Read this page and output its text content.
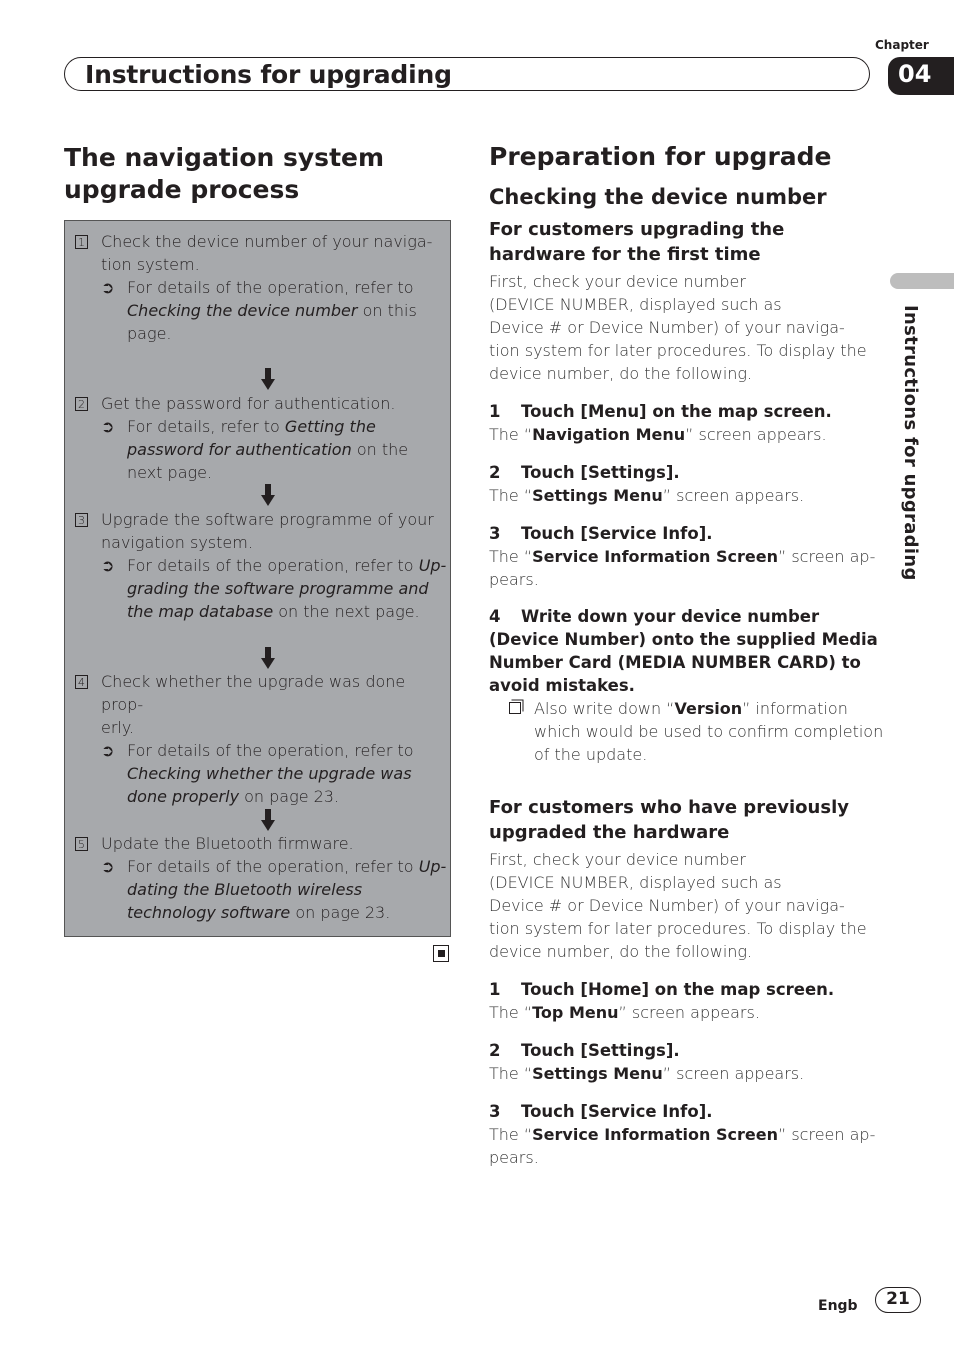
Chapter
Instructions for upgrading	04
Instructions for upgrading
The navigation system
upgrade process
1 Check the device number of your naviga-
tion system.
➲ For details of the operation, refer to Checking the device number on this page.
2 Get the password for authentication.
➲ For details, refer to Getting the password for authentication on the next page.
3 Upgrade the software programme of your
navigation system.
➲ For details of the operation, refer to Up-grading the software programme and the map database on the next page.
4 Check whether the upgrade was done prop-
erly.
➲ For details of the operation, refer to Checking whether the upgrade was done properly on page 23.
5 Update the Bluetooth firmware.
➲ For details of the operation, refer to Up-dating the Bluetooth wireless technology software on page 23.
Preparation for upgrade
Checking the device number
For customers upgrading the
hardware for the first time
First, check your device number
(DEVICE NUMBER, displayed such as
Device # or Device Number) of your naviga-
tion system for later procedures. To display the
device number, do the following.
1 Touch [Menu] on the map screen.
The “Navigation Menu” screen appears.
2 Touch [Settings].
The “Settings Menu” screen appears.
3 Touch [Service Info].
The “Service Information Screen” screen ap-
pears.
4 Write down your device number
(Device Number) onto the supplied Media
Number Card (MEDIA NUMBER CARD) to
avoid mistakes.
Also write down “Version” information
which would be used to confirm completion
of the update.
For customers who have previously
upgraded the hardware
First, check your device number
(DEVICE NUMBER, displayed such as
Device # or Device Number) of your naviga-
tion system for later procedures. To display the
device number, do the following.
1 Touch [Home] on the map screen.
The “Top Menu” screen appears.
2 Touch [Settings].
The “Settings Menu” screen appears.
3 Touch [Service Info].
The “Service Information Screen” screen ap-
pears.
Engb	21
